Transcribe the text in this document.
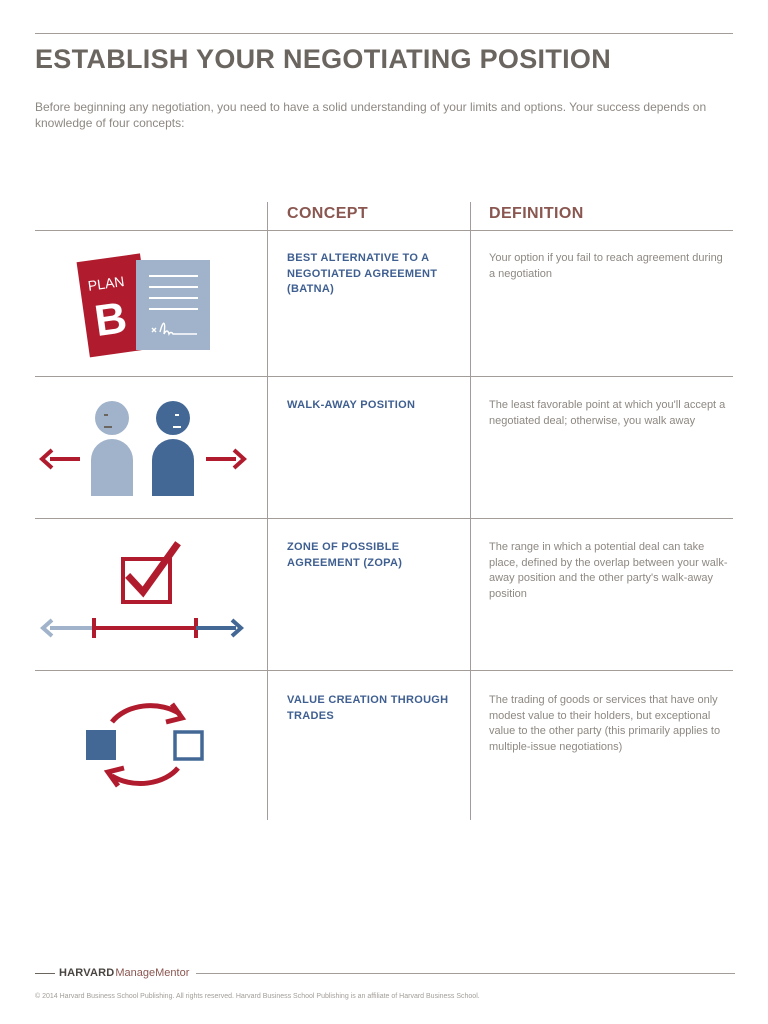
ESTABLISH YOUR NEGOTIATING POSITION
Before beginning any negotiation, you need to have a solid understanding of your limits and options. Your success depends on knowledge of four concepts:
CONCEPT	DEFINITION
PLAN
B
BEST ALTERNATIVE TO A NEGOTIATED AGREEMENT (BATNA)
Your option if you fail to reach agreement during a negotiation
WALK-AWAY POSITION	The least favorable point at which you'll accept a negotiated deal; otherwise, you walk away
ZONE OF POSSIBLE AGREEMENT (ZOPA)
The range in which a potential deal can take place, defined by the overlap between your walk-away position and the other party's walk-away position
VALUE CREATION THROUGH TRADES
The trading of goods or services that have only modest value to their holders, but exceptional value to the other party (this primarily applies to multiple-issue negotiations)
HARVARD ManageMentor
© 2014 Harvard Business School Publishing. All rights reserved. Harvard Business School Publishing is an affiliate of Harvard Business School.
